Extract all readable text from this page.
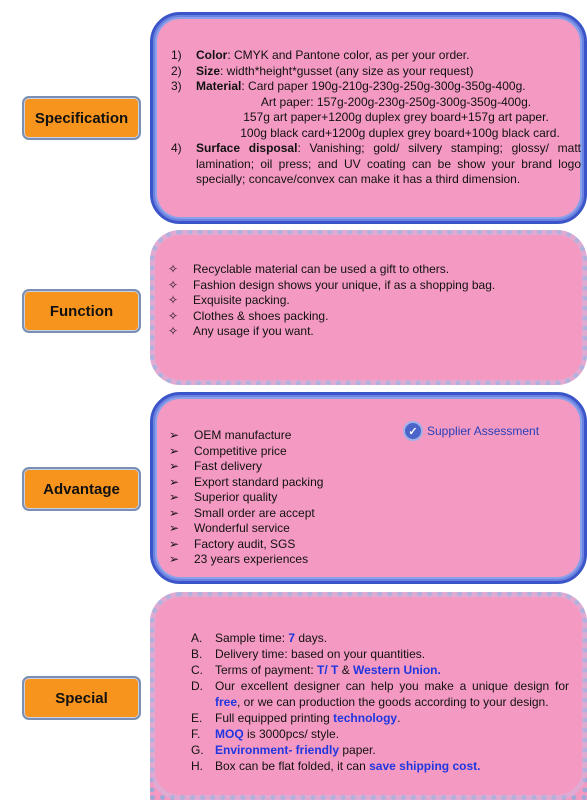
Specification
1) Color: CMYK and Pantone color, as per your order.
2) Size: width*height*gusset (any size as your request)
3) Material: Card paper 190g-210g-230g-250g-300g-350g-400g.
Art paper: 157g-200g-230g-250g-300g-350g-400g.
157g art paper+1200g duplex grey board+157g art paper.
100g black card+1200g duplex grey board+100g black card.
4) Surface disposal: Vanishing; gold/ silvery stamping; glossy/ matt lamination; oil press; and UV coating can be show your brand logo specially; concave/convex can make it has a third dimension.
Function
✧ Recyclable material can be used a gift to others.
✧ Fashion design shows your unique, if as a shopping bag.
✧ Exquisite packing.
✧ Clothes & shoes packing.
✧ Any usage if you want.
Advantage
➢ OEM manufacture
➢ Competitive price
➢ Fast delivery
➢ Export standard packing
➢ Superior quality
➢ Small order are accept
➢ Wonderful service
➢ Factory audit, SGS
➢ 23 years experiences
✓ Supplier Assessment
Special
A. Sample time: 7 days.
B. Delivery time: based on your quantities.
C. Terms of payment: T/ T & Western Union.
D. Our excellent designer can help you make a unique design for free, or we can production the goods according to your design.
E. Full equipped printing technology.
F. MOQ is 3000pcs/ style.
G. Environment- friendly paper.
H. Box can be flat folded, it can save shipping cost.
